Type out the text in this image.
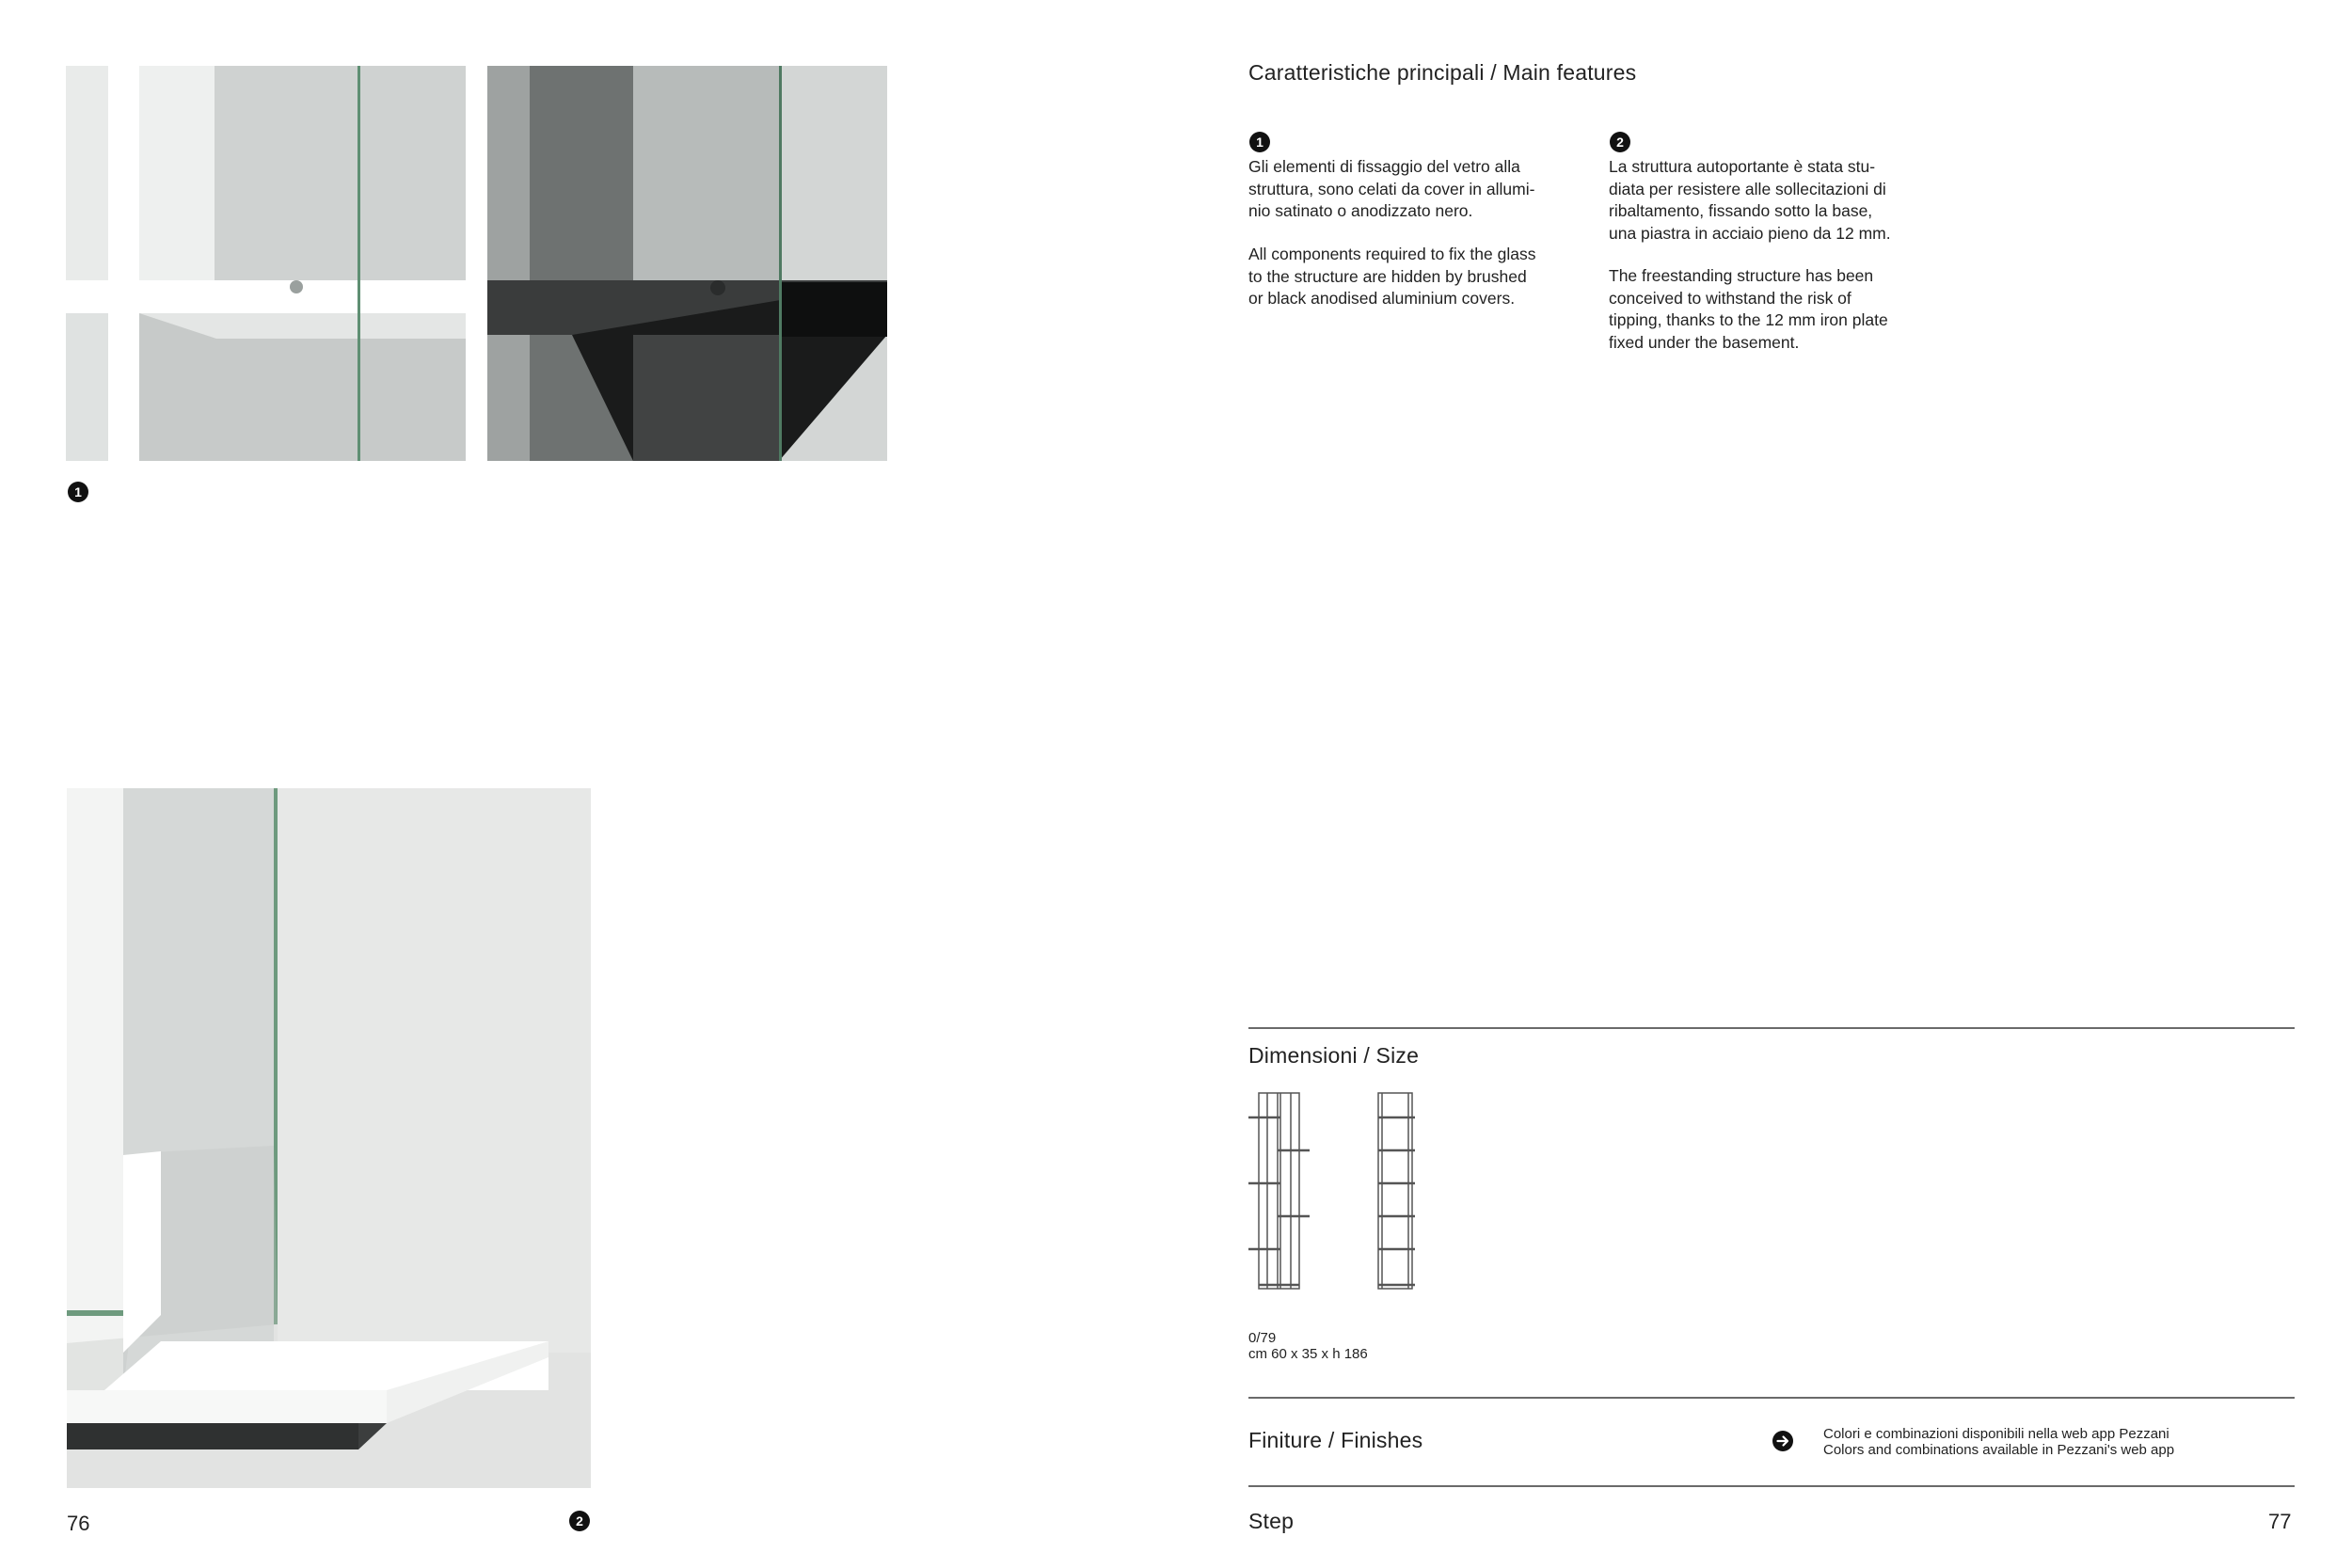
1
76	2
Caratteristiche principali / Main features
1
Gli elementi di fissaggio del vetro alla
struttura, sono celati da cover in allumi-
nio satinato o anodizzato nero.
All components required to fix the glass
to the structure are hidden by brushed
or black anodised aluminium covers.
2
La struttura autoportante è stata stu-
diata per resistere alle sollecitazioni di
ribaltamento, fissando sotto la base,
una piastra in acciaio pieno da 12 mm.
The freestanding structure has been
conceived to withstand the risk of
tipping, thanks to the 12 mm iron plate
fixed under the basement.
Dimensioni / Size
0/79
cm 60 x 35 x h 186
Finiture / Finishes	Colori e combinazioni disponibili nella web app Pezzani
Colors and combinations available in Pezzani's web app
Step	77
